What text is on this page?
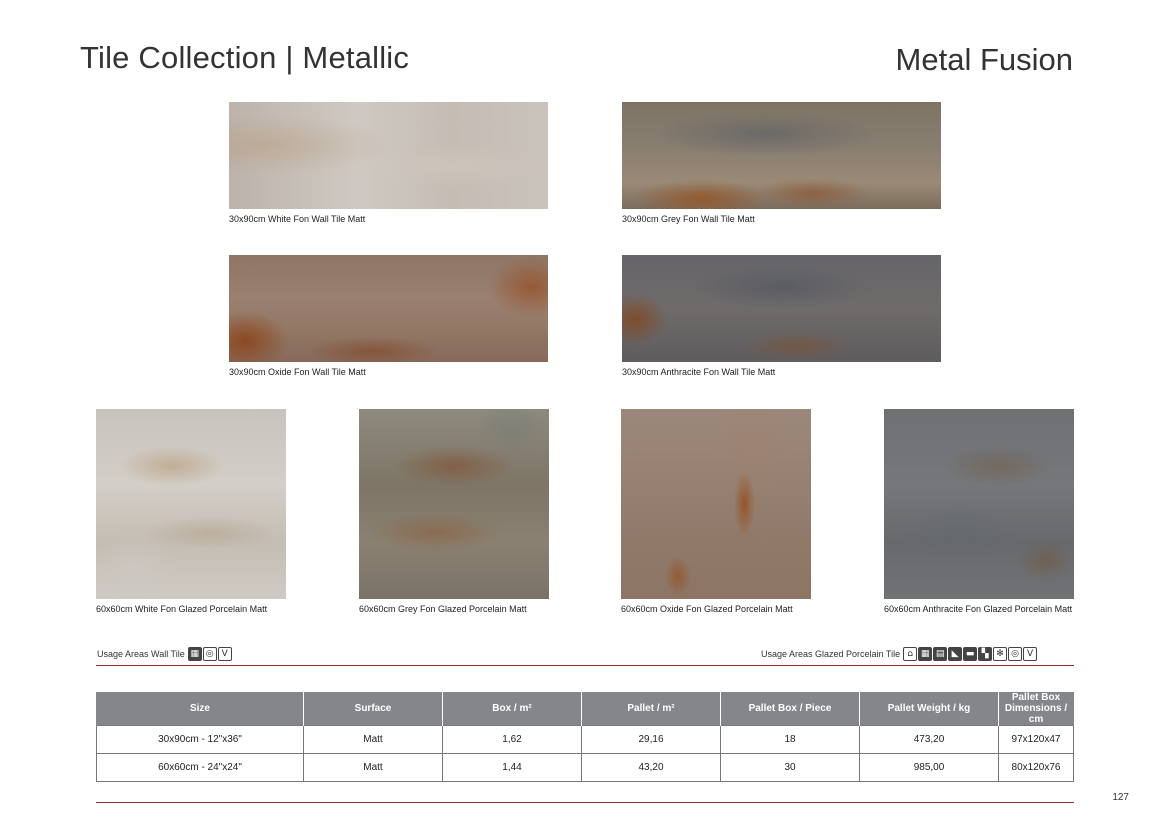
Tile Collection | Metallic	Metal Fusion
30x90cm White Fon Wall Tile Matt	30x90cm Grey Fon Wall Tile Matt
30x90cm Oxide Fon Wall Tile Matt	30x90cm Anthracite Fon Wall Tile Matt
60x60cm White Fon Glazed Porcelain Matt	60x60cm Grey Fon Glazed Porcelain Matt	60x60cm Oxide Fon Glazed Porcelain Matt	60x60cm Anthracite Fon Glazed Porcelain Matt
Usage Areas Wall Tile ▦ ◎ V	Usage Areas Glazed Porcelain Tile ⌂ ▦ ▤ ◣ ▬ ▚ ✻ ◎ V
Size	Surface	Box / m²	Pallet / m²	Pallet Box / Piece	Pallet Weight / kg	Pallet Box Dimensions / cm
30x90cm - 12"x36"	Matt	1,62	29,16	18	473,20	97x120x47
60x60cm - 24"x24"	Matt	1,44	43,20	30	985,00	80x120x76
127
